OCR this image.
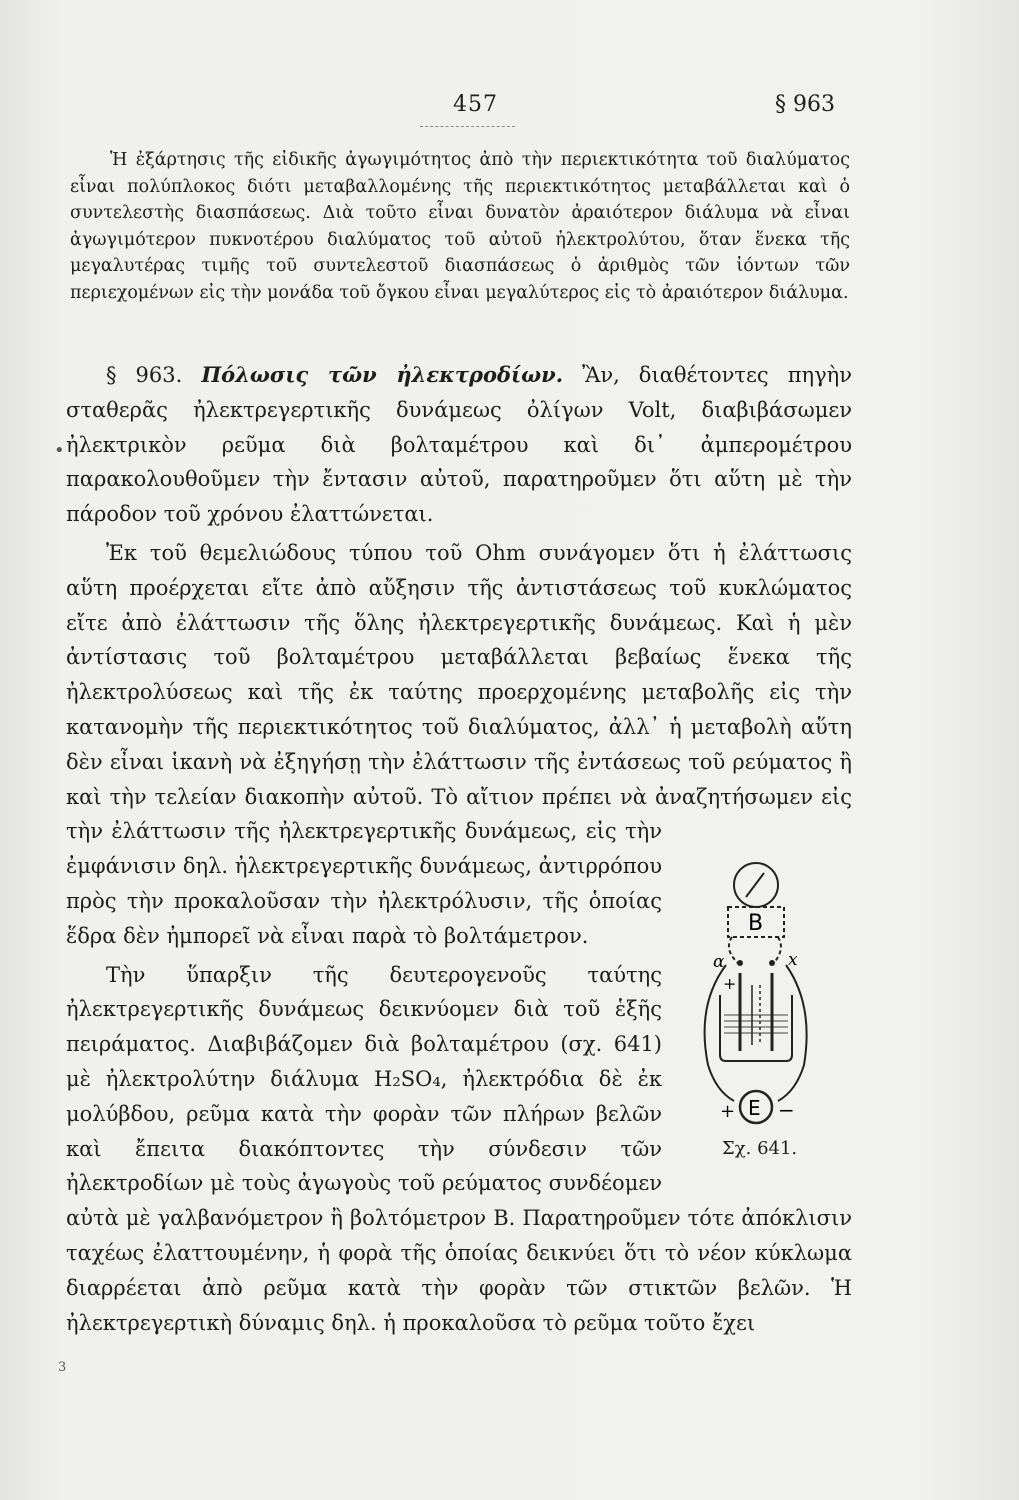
457	§ 963

Ἡ ἐξάρτησις τῆς εἰδικῆς ἀγωγιμότητος ἀπὸ τὴν περιεκτικότητα τοῦ διαλύματος εἶναι πολύπλοκος διότι μεταβαλλομένης τῆς περιεκτικότητος μεταβάλλεται καὶ ὁ συντελεστὴς διασπάσεως. Διὰ τοῦτο εἶναι δυνατὸν ἀραιότερον διάλυμα νὰ εἶναι ἀγωγιμότερον πυκνοτέρου διαλύματος τοῦ αὐτοῦ ἠλεκτρολύτου, ὅταν ἕνεκα τῆς μεγαλυτέρας τιμῆς τοῦ συντελεστοῦ διασπάσεως ὁ ἀριθμὸς τῶν ἰόντων τῶν περιεχομένων εἰς τὴν μονάδα τοῦ ὄγκου εἶναι μεγαλύτερος εἰς τὸ ἀραιότερον διάλυμα.

§ 963. Πόλωσις τῶν ἠλεκτροδίων. Ἂν, διαθέτοντες πηγὴν σταθερᾶς ἠλεκτρεγερτικῆς δυνάμεως ὀλίγων Volt, διαβιβάσωμεν ἠλεκτρικὸν ρεῦμα διὰ βολταμέτρου καὶ δι᾿ ἀμπερομέτρου παρακολουθοῦμεν τὴν ἔντασιν αὐτοῦ, παρατηροῦμεν ὅτι αὕτη μὲ τὴν πάροδον τοῦ χρόνου ἐλαττώνεται.

Ἐκ τοῦ θεμελιώδους τύπου τοῦ Ohm συνάγομεν ὅτι ἡ ἐλάττωσις αὕτη προέρχεται εἴτε ἀπὸ αὔξησιν τῆς ἀντιστάσεως τοῦ κυκλώματος εἴτε ἀπὸ ἐλάττωσιν τῆς ὅλης ἠλεκτρεγερτικῆς δυνάμεως. Καὶ ἡ μὲν ἀντίστασις τοῦ βολταμέτρου μεταβάλλεται βεβαίως ἕνεκα τῆς ἠλεκτρολύσεως καὶ τῆς ἐκ ταύτης προερχομένης μεταβολῆς εἰς τὴν κατανομὴν τῆς περιεκτικότητος τοῦ διαλύματος, ἀλλ᾿ ἡ μεταβολὴ αὕτη δὲν εἶναι ἱκανὴ νὰ ἐξηγήσῃ τὴν ἐλάττωσιν τῆς ἐντάσεως τοῦ ρεύματος ἢ καὶ τὴν τελείαν διακοπὴν αὐτοῦ. Τὸ αἴτιον πρέπει νὰ ἀναζητήσωμεν εἰς τὴν ἐλάττωσιν τῆς ἠλεκτρεγερτικῆς δυνάμεως, εἰς τὴν ἐμφάνισιν δηλ. ἠλεκτρεγερτικῆς δυνάμεως, ἀντιρρόπου πρὸς τὴν προκαλοῦσαν τὴν ἠλεκτρόλυσιν, τῆς ὁποίας ἕδρα δὲν ἠμπορεῖ νὰ εἶναι παρὰ τὸ βολτάμετρον.

Τὴν ὕπαρξιν τῆς δευτερογενοῦς ταύτης ἠλεκτρεγερτικῆς δυνάμεως δεικνύομεν διὰ τοῦ ἑξῆς πειράματος. Διαβιβάζομεν διὰ βολταμέτρου (σχ. 641) μὲ ἠλεκτρολύτην διάλυμα H₂SO₄, ἠλεκτρόδια δὲ ἐκ μολύβδου, ρεῦμα κατὰ τὴν φορὰν τῶν πλήρων βελῶν καὶ ἔπειτα διακόπτοντες τὴν σύνδεσιν τῶν ἠλεκτροδίων μὲ τοὺς ἀγωγοὺς τοῦ ρεύματος συνδέομεν αὐτὰ μὲ γαλβανόμετρον ἢ βολτόμετρον B. Παρατηροῦμεν τότε ἀπόκλισιν ταχέως ἐλαττουμένην, ἡ φορὰ τῆς ὁποίας δεικνύει ὅτι τὸ νέον κύκλωμα διαρρέεται ἀπὸ ρεῦμα κατὰ τὴν φορὰν τῶν στικτῶν βελῶν. Ἡ ἠλεκτρεγερτικὴ δύναμις δηλ. ἡ προκαλοῦσα τὸ ρεῦμα τοῦτο ἔχει

B
α	x
+
E
+ −
Σχ. 641.
•
3
